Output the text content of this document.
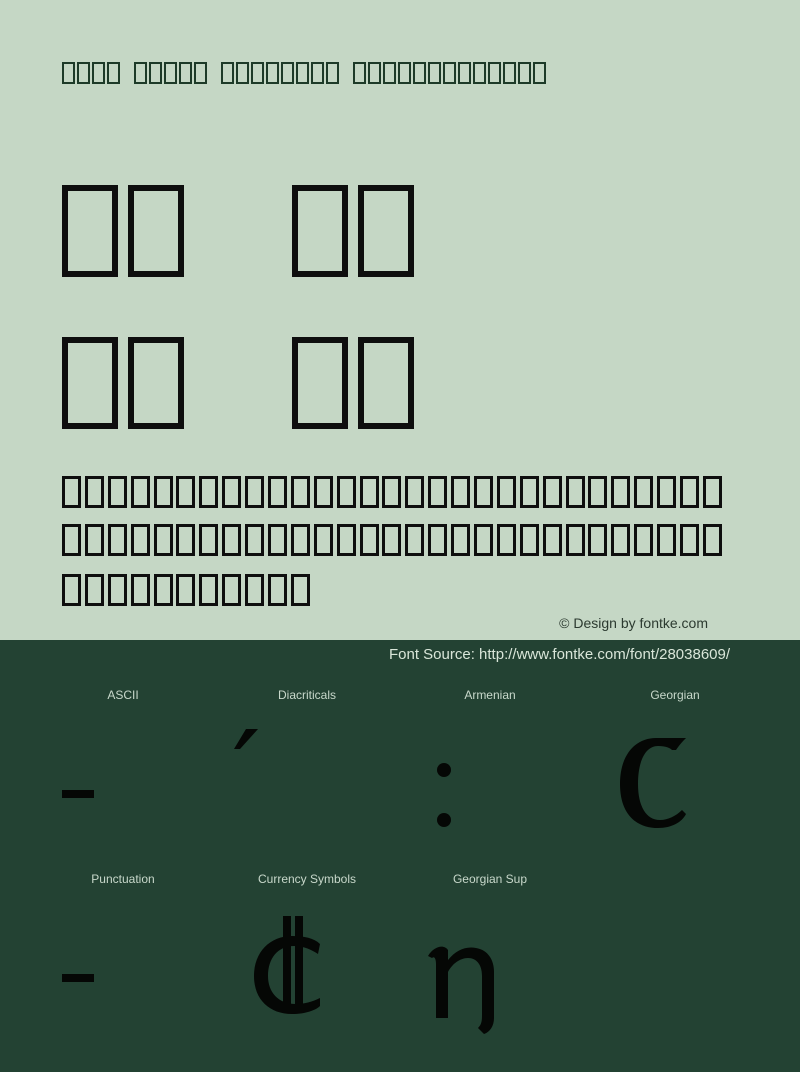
© Design by fontke.com
Font Source: http://www.fontke.com/font/28038609/
ASCII	Diacriticals	Armenian	Georgian
Punctuation	Currency Symbols	Georgian Sup
